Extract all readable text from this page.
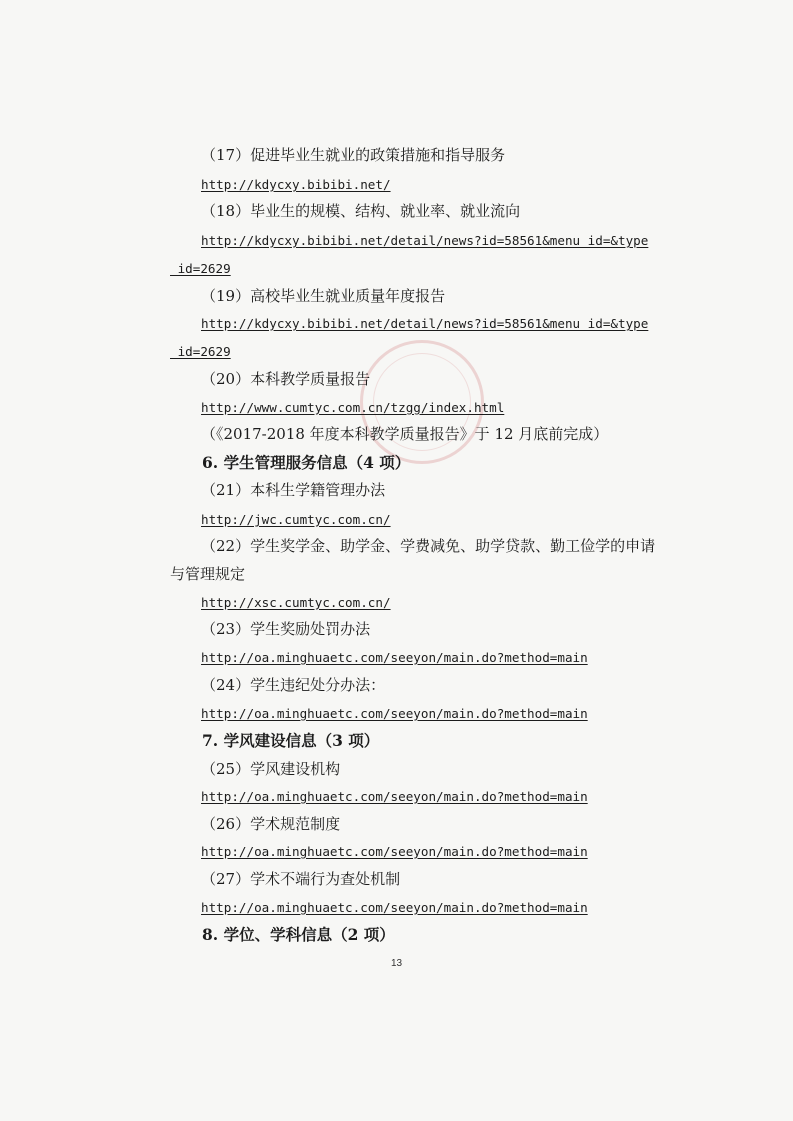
（17）促进毕业生就业的政策措施和指导服务
http://kdycxy.bibibi.net/
（18）毕业生的规模、结构、就业率、就业流向
http://kdycxy.bibibi.net/detail/news?id=58561&menu_id=&type
_id=2629
（19）高校毕业生就业质量年度报告
http://kdycxy.bibibi.net/detail/news?id=58561&menu_id=&type
_id=2629
（20）本科教学质量报告
http://www.cumtyc.com.cn/tzgg/index.html
（《2017-2018 年度本科教学质量报告》于 12 月底前完成）
6. 学生管理服务信息（4 项）
（21）本科生学籍管理办法
http://jwc.cumtyc.com.cn/
（22）学生奖学金、助学金、学费减免、助学贷款、勤工俭学的申请
与管理规定
http://xsc.cumtyc.com.cn/
（23）学生奖励处罚办法
http://oa.minghuaetc.com/seeyon/main.do?method=main
（24）学生违纪处分办法：
http://oa.minghuaetc.com/seeyon/main.do?method=main
7. 学风建设信息（3 项）
（25）学风建设机构
http://oa.minghuaetc.com/seeyon/main.do?method=main
（26）学术规范制度
http://oa.minghuaetc.com/seeyon/main.do?method=main
（27）学术不端行为查处机制
http://oa.minghuaetc.com/seeyon/main.do?method=main
8. 学位、学科信息（2 项）
13
